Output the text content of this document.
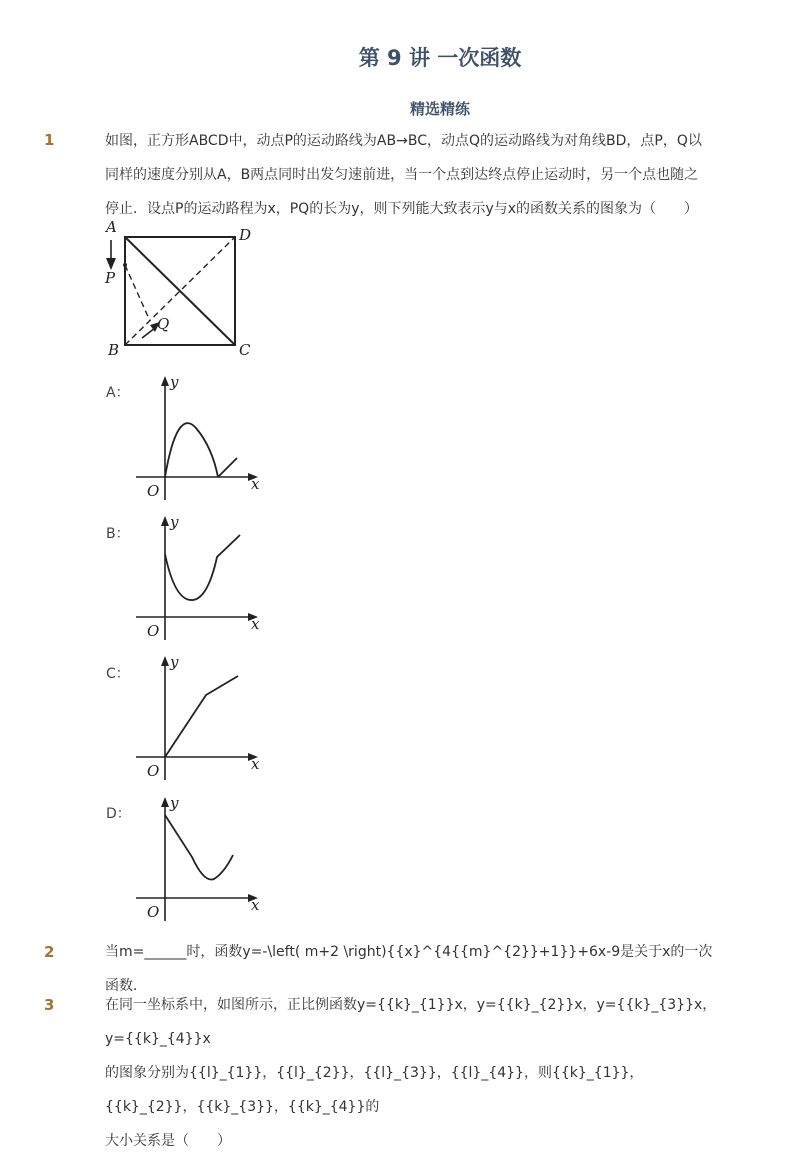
第 9 讲 一次函数
精选精练
1	如图，正方形ABCD中，动点P的运动路线为AB→BC，动点Q的运动路线为对角线BD，点P，Q以
同样的速度分别从A，B两点同时出发匀速前进，当一个点到达终点停止运动时，另一个点也随之
停止．设点P的运动路程为x，PQ的长为y，则下列能大致表示y与x的函数关系的图象为（　　）
A
P
Q
B
D
C
A：
y
x
O
B：
y
x
O
C：
y
x
O
D：
y
x
O
2	当m=______时，函数y=-\left( m+2 \right){{x}^{4{{m}^{2}}+1}}+6x-9是关于x的一次函数．
3	在同一坐标系中，如图所示，正比例函数y={{k}_{1}}x，y={{k}_{2}}x，y={{k}_{3}}x，y={{k}_{4}}x
的图象分别为{{l}_{1}}，{{l}_{2}}，{{l}_{3}}，{{l}_{4}}，则{{k}_{1}}，{{k}_{2}}，{{k}_{3}}，{{k}_{4}}的
大小关系是（　　）
